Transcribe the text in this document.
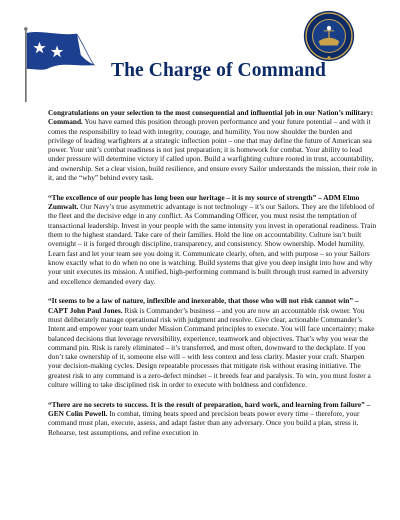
The Charge of Command

Congratulations on your selection to the most consequential and influential job in our Nation’s military: Command. You have earned this position through proven performance and your future potential – and with it comes the responsibility to lead with integrity, courage, and humility. You now shoulder the burden and privilege of leading warfighters at a strategic inflection point – one that may define the future of American sea power. Your unit’s combat readiness is not just preparation; it is homework for combat. Your ability to lead under pressure will determine victory if called upon. Build a warfighting culture rooted in trust, accountability, and ownership. Set a clear vision, build resilience, and ensure every Sailor understands the mission, their role in it, and the “why” behind every task.

“The excellence of our people has long been our heritage – it is my source of strength” – ADM Elmo Zumwalt. Our Navy’s true asymmetric advantage is not technology – it’s our Sailors. They are the lifeblood of the fleet and the decisive edge in any conflict. As Commanding Officer, you must resist the temptation of transactional leadership. Invest in your people with the same intensity you invest in operational readiness. Train them to the highest standard. Take care of their families. Hold the line on accountability. Culture isn’t built overnight – it is forged through discipline, transparency, and consistency. Show ownership. Model humility. Learn fast and let your team see you doing it. Communicate clearly, often, and with purpose – so your Sailors know exactly what to do when no one is watching. Build systems that give you deep insight into how and why your unit executes its mission. A unified, high-performing command is built through trust earned in adversity and excellence demanded every day.

“It seems to be a law of nature, inflexible and inexorable, that those who will not risk cannot win” – CAPT John Paul Jones. Risk is Commander’s business – and you are now an accountable risk owner. You must deliberately manage operational risk with judgment and resolve. Give clear, actionable Commander’s Intent and empower your team under Mission Command principles to execute. You will face uncertainty; make balanced decisions that leverage reversibility, experience, teamwork and objectives. That’s why you wear the command pin. Risk is rarely eliminated – it’s transferred, and most often, downward to the deckplate. If you don’t take ownership of it, someone else will – with less context and less clarity. Master your craft. Sharpen your decision-making cycles. Design repeatable processes that mitigate risk without erasing initiative. The greatest risk to any command is a zero-defect mindset – it breeds fear and paralysis. To win, you must foster a culture willing to take disciplined risk in order to execute with boldness and confidence.

“There are no secrets to success. It is the result of preparation, hard work, and learning from failure” – GEN Colin Powell. In combat, timing beats speed and precision beats power every time – therefore, your command must plan, execute, assess, and adapt faster than any adversary. Once you build a plan, stress it. Rehearse, test assumptions, and refine execution in
